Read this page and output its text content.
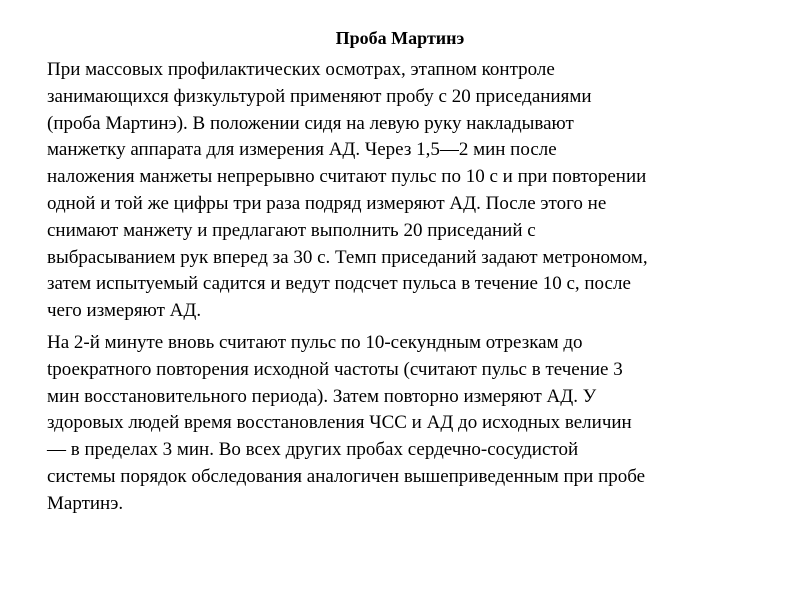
Проба Мартинэ

При массовых профилактических осмотрах, этапном контроле
занимающихся физкультурой применяют пробу с 20 приседаниями
(проба Мартинэ). В положении сидя на левую руку накладывают
манжетку аппарата для измерения АД. Через 1,5—2 мин после
наложения манжеты непрерывно считают пульс по 10 с и при повторении
одной и той же цифры три раза подряд измеряют АД. После этого не
снимают манжету и предлагают выполнить 20 приседаний с
выбрасыванием рук вперед за 30 с. Темп приседаний задают метрономом,
затем испытуемый садится и ведут подсчет пульса в течение 10 с, после
чего измеряют АД.

На 2-й минуте вновь считают пульс по 10-секундным отрезкам до
tроекратного повторения исходной частоты (считают пульс в течение 3
мин восстановительного периода). Затем повторно измеряют АД. У
здоровых людей время восстановления ЧСС и АД до исходных величин
— в пределах 3 мин. Во всех других пробах сердечно-сосудистой
системы порядок обследования аналогичен вышеприведенным при пробе
Мартинэ.
